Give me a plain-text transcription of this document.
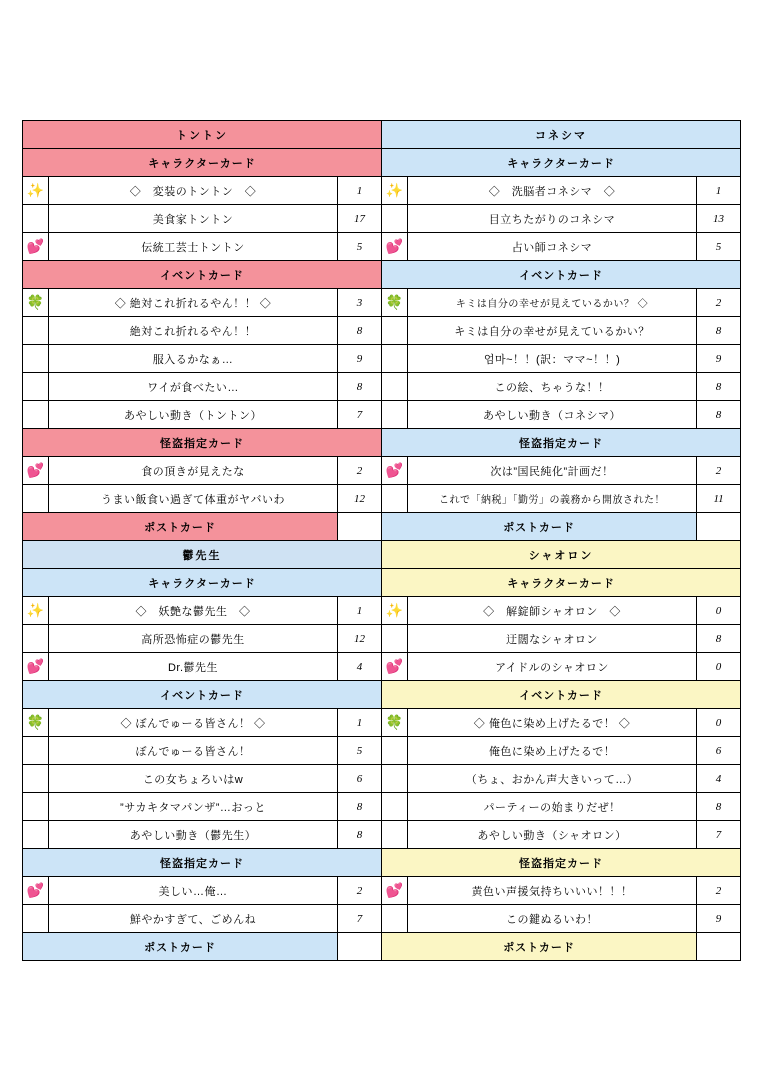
トントン			コネシマ		
キャラクターカード			キャラクターカード		
✨	◇　変装のトントン　◇	1	✨	◇　洗脳者コネシマ　◇	1
	美食家トントン	17		目立ちたがりのコネシマ	13
💕	伝統工芸士トントン	5	💕	占い師コネシマ	5
イベントカード			イベントカード		
🍀	◇ 絶対これ折れるやん！！ ◇	3	🍀	キミは自分の幸せが見えているかい？ ◇	2
	絶対これ折れるやん！！	8		キミは自分の幸せが見えているかい？	8
	服入るかなぁ…	9		엄마~！！(訳：ママ~！！)	9
	ワイが食べたい…	8		この絵、ちゃうな！！	8
	あやしい動き（トントン）	7		あやしい動き（コネシマ）	8
怪盗指定カード			怪盗指定カード		
💕	食の頂きが見えたな	2	💕	次は”国民純化”計画だ！	2
	うまい飯食い過ぎて体重がヤバいわ	12		これで「納税」「勤労」の義務から開放された！	11
ポストカード			ポストカード		
鬱先生			シャオロン		
キャラクターカード			キャラクターカード		
✨	◇　妖艶な鬱先生　◇	1	✨	◇　解錠師シャオロン　◇	0
	高所恐怖症の鬱先生	12		迂闊なシャオロン	8
💕	Dr.鬱先生	4	💕	アイドルのシャオロン	0
イベントカード			イベントカード		
🍀	◇ ぼんでゅーる皆さん！ ◇	1	🍀	◇ 俺色に染め上げたるで！ ◇	0
	ぼんでゅーる皆さん！	5		俺色に染め上げたるで！	6
	この女ちょろいはw	6		（ちょ、おかん声大きいって…）	4
	”サカキタマパンザ”…おっと	8		パーティーの始まりだぜ！	8
	あやしい動き（鬱先生）	8		あやしい動き（シャオロン）	7
怪盗指定カード			怪盗指定カード		
💕	美しい…俺…	2	💕	黄色い声援気持ちいいい！！！	2
	鮮やかすぎて、ごめんね	7		この鍵ぬるいわ！	9
ポストカード			ポストカード		
